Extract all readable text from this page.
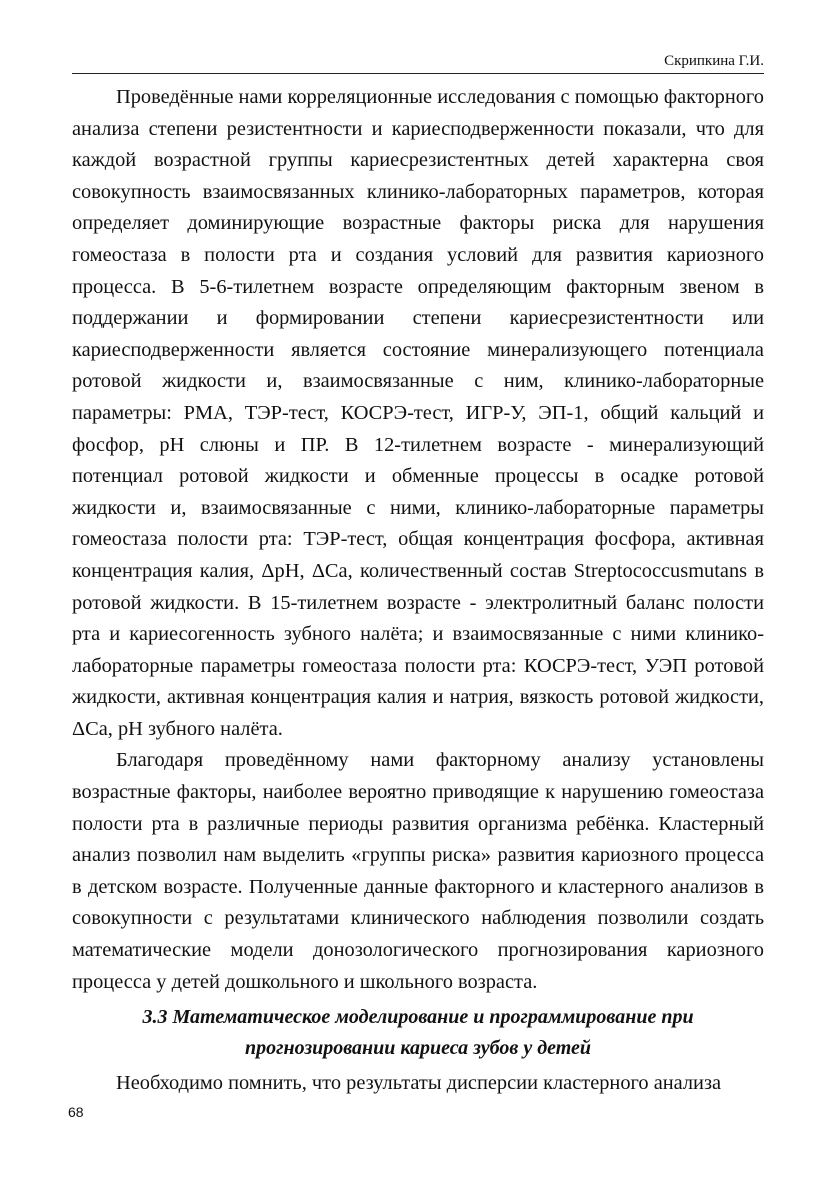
Скрипкина Г.И.

Проведённые нами корреляционные исследования с помощью факторного анализа степени резистентности и кариесподверженности показали, что для каждой возрастной группы кариесрезистентных детей характерна своя совокупность взаимосвязанных клинико-лабораторных параметров, которая определяет доминирующие возрастные факторы риска для нарушения гомеостаза в полости рта и создания условий для развития кариозного процесса. В 5-6-тилетнем возрасте определяющим факторным звеном в поддержании и формировании степени кариесрезистентности или кариесподверженности является состояние минерализующего потенциала ротовой жидкости и, взаимосвязанные с ним, клинико-лабораторные параметры: РМА, ТЭР-тест, КОСРЭ-тест, ИГР-У, ЭП-1, общий кальций и фосфор, pH слюны и ПР. В 12-тилетнем возрасте - минерализующий потенциал ротовой жидкости и обменные процессы в осадке ротовой жидкости и, взаимосвязанные с ними, клинико-лабораторные параметры гомеостаза полости рта: ТЭР-тест, общая концентрация фосфора, активная концентрация калия, ΔpH, ΔCa, количественный состав Streptococcusmutans в ротовой жидкости. В 15-тилетнем возрасте - электролитный баланс полости рта и кариесогенность зубного налёта; и взаимосвязанные с ними клинико-лабораторные параметры гомеостаза полости рта: КОСРЭ-тест, УЭП ротовой жидкости, активная концентрация калия и натрия, вязкость ротовой жидкости, ΔCa, pH зубного налёта.

Благодаря проведённому нами факторному анализу установлены возрастные факторы, наиболее вероятно приводящие к нарушению гомеостаза полости рта в различные периоды развития организма ребёнка. Кластерный анализ позволил нам выделить «группы риска» развития кариозного процесса в детском возрасте. Полученные данные факторного и кластерного анализов в совокупности с результатами клинического наблюдения позволили создать математические модели донозологического прогнозирования кариозного процесса у детей дошкольного и школьного возраста.

3.3 Математическое моделирование и программирование при
прогнозировании кариеса зубов у детей

Необходимо помнить, что результаты дисперсии кластерного анализа

68
